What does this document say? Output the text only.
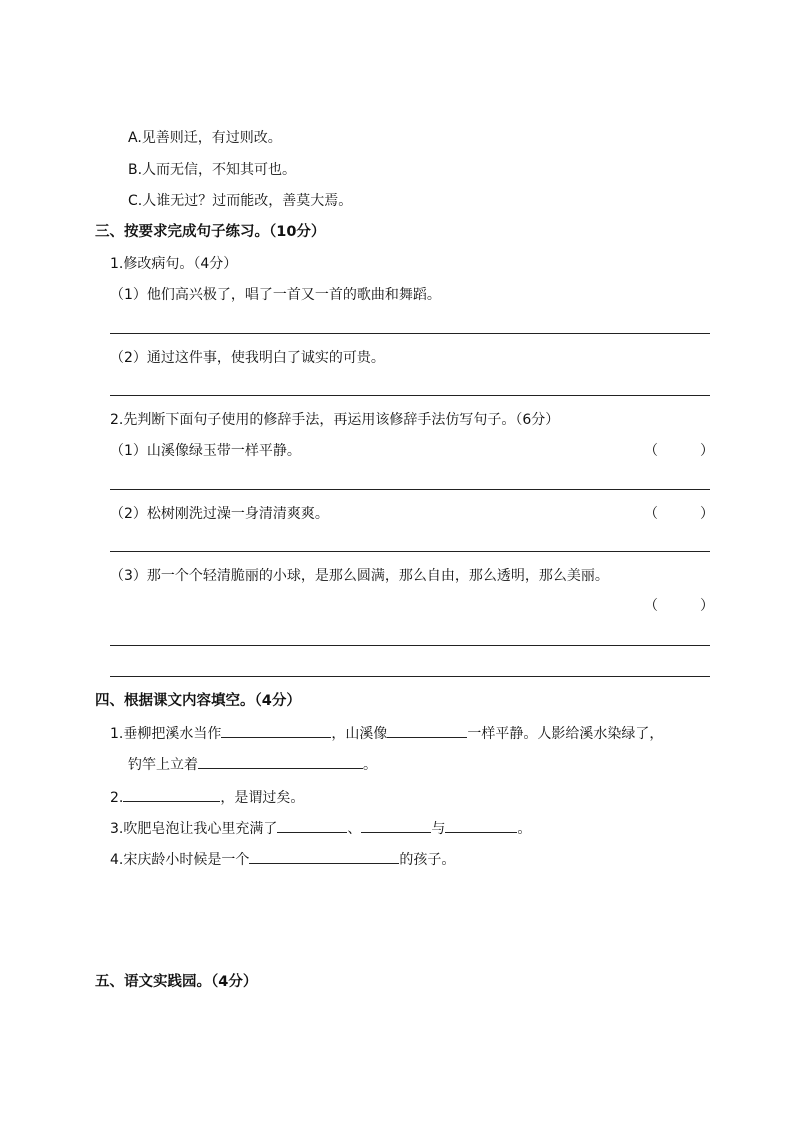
A.见善则迁，有过则改。
B.人而无信，不知其可也。
C.人谁无过？过而能改，善莫大焉。
三、按要求完成句子练习。（10分）
1.修改病句。（4分）
（1）他们高兴极了，唱了一首又一首的歌曲和舞蹈。
（2）通过这件事，使我明白了诚实的可贵。
2.先判断下面句子使用的修辞手法，再运用该修辞手法仿写句子。（6分）
（1）山溪像绿玉带一样平静。	（	）
（2）松树刚洗过澡一身清清爽爽。	（	）
（3）那一个个轻清脆丽的小球，是那么圆满，那么自由，那么透明，那么美丽。
（	）
四、根据课文内容填空。（4分）
1.垂柳把溪水当作	，山溪像	一样平静。人影给溪水染绿了，
钓竿上立着	。
2.	，是谓过矣。
3.吹肥皂泡让我心里充满了	、	与	。
4.宋庆龄小时候是一个	的孩子。
五、语文实践园。（4分）
